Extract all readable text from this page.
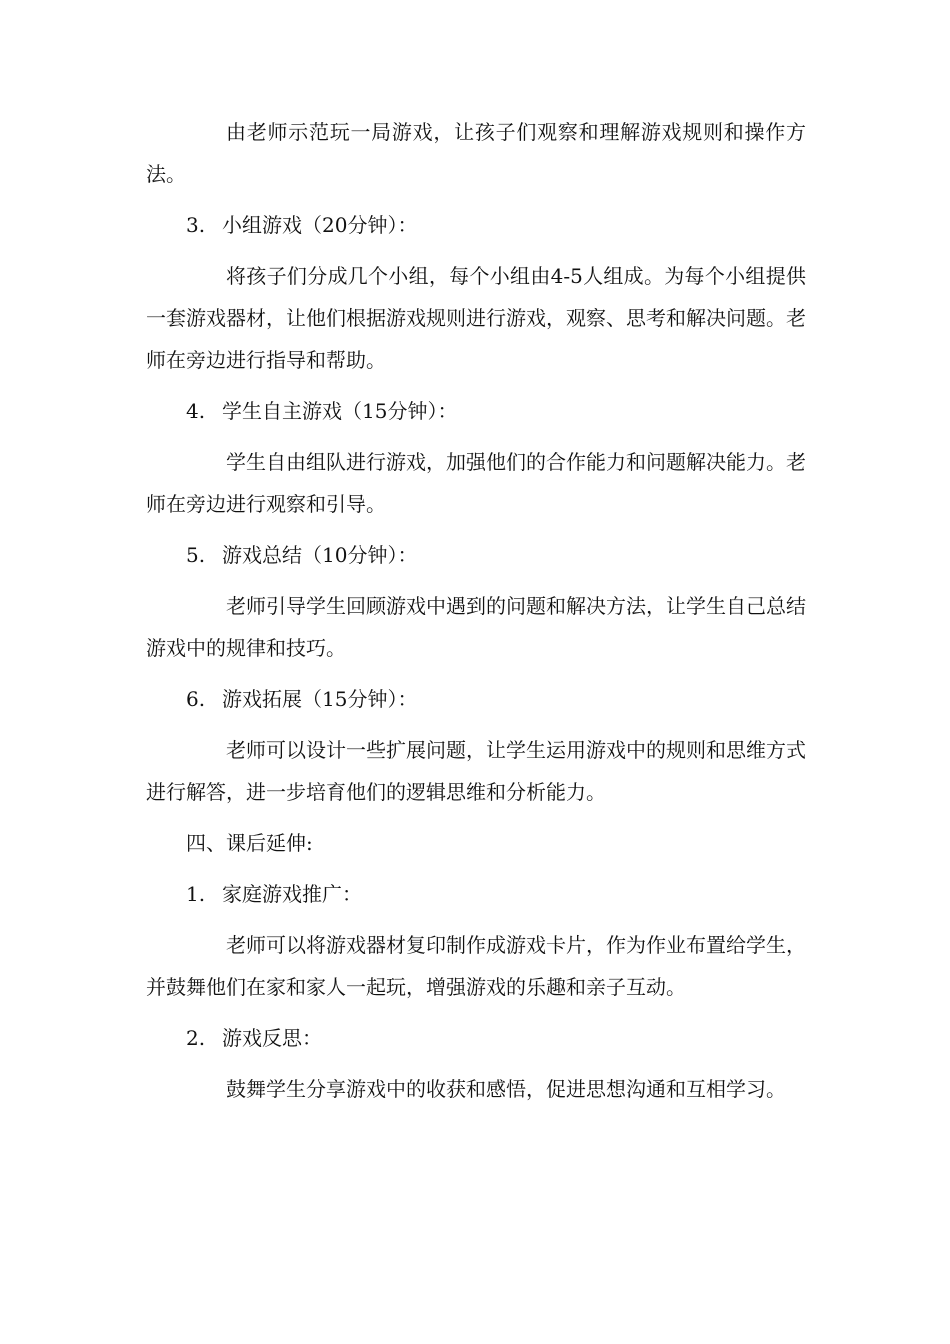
由老师示范玩一局游戏，让孩子们观察和理解游戏规则和操作方法。

3. 小组游戏（20分钟）：

将孩子们分成几个小组，每个小组由4-5人组成。为每个小组提供一套游戏器材，让他们根据游戏规则进行游戏，观察、思考和解决问题。老师在旁边进行指导和帮助。

4. 学生自主游戏（15分钟）：

学生自由组队进行游戏，加强他们的合作能力和问题解决能力。老师在旁边进行观察和引导。

5. 游戏总结（10分钟）：

老师引导学生回顾游戏中遇到的问题和解决方法，让学生自己总结游戏中的规律和技巧。

6. 游戏拓展（15分钟）：

老师可以设计一些扩展问题，让学生运用游戏中的规则和思维方式进行解答，进一步培育他们的逻辑思维和分析能力。

四、课后延伸:
1. 家庭游戏推广：

老师可以将游戏器材复印制作成游戏卡片，作为作业布置给学生，并鼓舞他们在家和家人一起玩，增强游戏的乐趣和亲子互动。

2. 游戏反思：

鼓舞学生分享游戏中的收获和感悟，促进思想沟通和互相学习。
